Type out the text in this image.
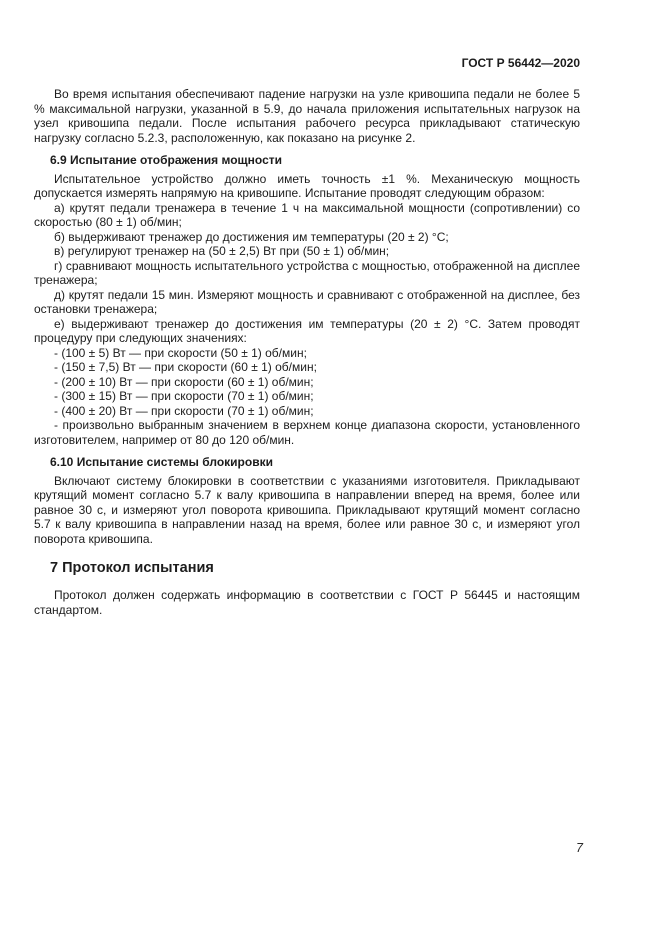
ГОСТ Р 56442—2020

Во время испытания обеспечивают падение нагрузки на узле кривошипа педали не более 5 % максимальной нагрузки, указанной в 5.9, до начала приложения испытательных нагрузок на узел кривошипа педали. После испытания рабочего ресурса прикладывают статическую нагрузку согласно 5.2.3, расположенную, как показано на рисунке 2.

6.9 Испытание отображения мощности

Испытательное устройство должно иметь точность ±1 %. Механическую мощность допускается измерять напрямую на кривошипе. Испытание проводят следующим образом:

а) крутят педали тренажера в течение 1 ч на максимальной мощности (сопротивлении) со скоростью (80 ± 1) об/мин;

б) выдерживают тренажер до достижения им температуры (20 ± 2) °С;

в) регулируют тренажер на (50 ± 2,5) Вт при (50 ± 1) об/мин;

г) сравнивают мощность испытательного устройства с мощностью, отображенной на дисплее тренажера;

д) крутят педали 15 мин. Измеряют мощность и сравнивают с отображенной на дисплее, без остановки тренажера;

е) выдерживают тренажер до достижения им температуры (20 ± 2) °С. Затем проводят процедуру при следующих значениях:

- (100 ± 5) Вт — при скорости (50 ± 1) об/мин;

- (150 ± 7,5) Вт — при скорости (60 ± 1) об/мин;

- (200 ± 10) Вт — при скорости (60 ± 1) об/мин;

- (300 ± 15) Вт — при скорости (70 ± 1) об/мин;

- (400 ± 20) Вт — при скорости (70 ± 1) об/мин;

- произвольно выбранным значением в верхнем конце диапазона скорости, установленного изготовителем, например от 80 до 120 об/мин.

6.10 Испытание системы блокировки

Включают систему блокировки в соответствии с указаниями изготовителя. Прикладывают крутящий момент согласно 5.7 к валу кривошипа в направлении вперед на время, более или равное 30 с, и измеряют угол поворота кривошипа. Прикладывают крутящий момент согласно 5.7 к валу кривошипа в направлении назад на время, более или равное 30 с, и измеряют угол поворота кривошипа.

7 Протокол испытания

Протокол должен содержать информацию в соответствии с ГОСТ Р 56445 и настоящим стандартом.

7
